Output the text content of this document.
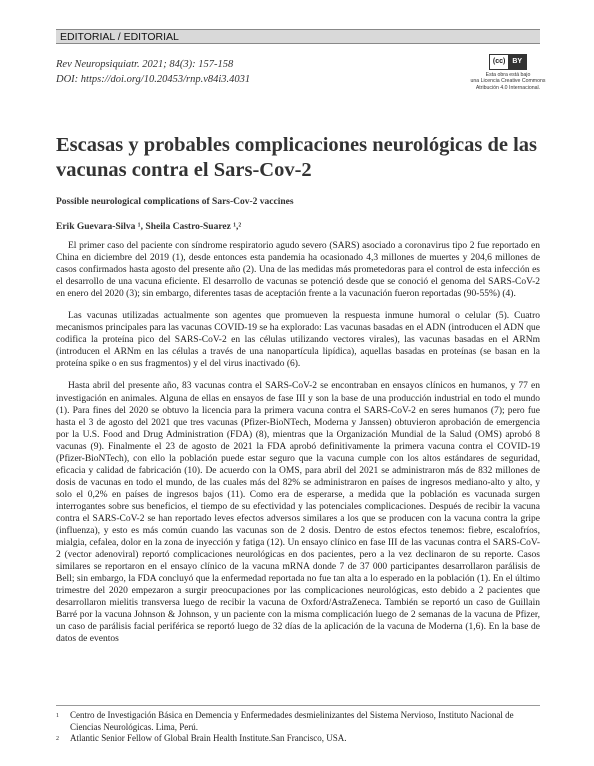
EDITORIAL / EDITORIAL
Rev Neuropsiquiatr. 2021; 84(3): 157-158
DOI: https://doi.org/10.20453/rnp.v84i3.4031
(cc)	BY
Esta obra está bajo
una Licencia Creative Commons
Atribución 4.0 Internacional.
Escasas y probables complicaciones neurológicas de las vacunas contra el Sars-Cov-2
Possible neurological complications of Sars-Cov-2 vaccines
Erik Guevara-Silva ¹, Sheila Castro-Suarez ¹,²

El primer caso del paciente con síndrome respiratorio agudo severo (SARS) asociado a coronavirus tipo 2 fue reportado en China en diciembre del 2019 (1), desde entonces esta pandemia ha ocasionado 4,3 millones de muertes y 204,6 millones de casos confirmados hasta agosto del presente año (2). Una de las medidas más prometedoras para el control de esta infección es el desarrollo de una vacuna eficiente. El desarrollo de vacunas se potenció desde que se conoció el genoma del SARS-CoV-2 en enero del 2020 (3); sin embargo, diferentes tasas de aceptación frente a la vacunación fueron reportadas (90-55%) (4).

Las vacunas utilizadas actualmente son agentes que promueven la respuesta inmune humoral o celular (5). Cuatro mecanismos principales para las vacunas COVID-19 se ha explorado: Las vacunas basadas en el ADN (introducen el ADN que codifica la proteína pico del SARS-CoV-2 en las células utilizando vectores virales), las vacunas basadas en el ARNm (introducen el ARNm en las células a través de una nanopartícula lipídica), aquellas basadas en proteínas (se basan en la proteína spike o en sus fragmentos) y el del virus inactivado (6).

Hasta abril del presente año, 83 vacunas contra el SARS-CoV-2 se encontraban en ensayos clínicos en humanos, y 77 en investigación en animales. Alguna de ellas en ensayos de fase III y son la base de una producción industrial en todo el mundo (1). Para fines del 2020 se obtuvo la licencia para la primera vacuna contra el SARS-CoV-2 en seres humanos (7); pero fue hasta el 3 de agosto del 2021 que tres vacunas (Pfizer-BioNTech, Moderna y Janssen) obtuvieron aprobación de emergencia por la U.S. Food and Drug Administration (FDA) (8), mientras que la Organización Mundial de la Salud (OMS) aprobó 8 vacunas (9). Finalmente el 23 de agosto de 2021 la FDA aprobó definitivamente la primera vacuna contra el COVID-19 (Pfizer-BioNTech), con ello la población puede estar seguro que la vacuna cumple con los altos estándares de seguridad, eficacia y calidad de fabricación (10). De acuerdo con la OMS, para abril del 2021 se administraron más de 832 millones de dosis de vacunas en todo el mundo, de las cuales más del 82% se administraron en países de ingresos mediano-alto y alto, y solo el 0,2% en países de ingresos bajos (11). Como era de esperarse, a medida que la población es vacunada surgen interrogantes sobre sus beneficios, el tiempo de su efectividad y las potenciales complicaciones. Después de recibir la vacuna contra el SARS-CoV-2 se han reportado leves efectos adversos similares a los que se producen con la vacuna contra la gripe (influenza), y esto es más común cuando las vacunas son de 2 dosis. Dentro de estos efectos tenemos: fiebre, escalofríos, mialgia, cefalea, dolor en la zona de inyección y fatiga (12). Un ensayo clínico en fase III de las vacunas contra el SARS-CoV-2 (vector adenoviral) reportó complicaciones neurológicas en dos pacientes, pero a la vez declinaron de su reporte. Casos similares se reportaron en el ensayo clínico de la vacuna mRNA donde 7 de 37 000 participantes desarrollaron parálisis de Bell; sin embargo, la FDA concluyó que la enfermedad reportada no fue tan alta a lo esperado en la población (1). En el último trimestre del 2020 empezaron a surgir preocupaciones por las complicaciones neurológicas, esto debido a 2 pacientes que desarrollaron mielitis transversa luego de recibir la vacuna de Oxford/AstraZeneca. También se reportó un caso de Guillain Barré por la vacuna Johnson & Johnson, y un paciente con la misma complicación luego de 2 semanas de la vacuna de Pfizer, un caso de parálisis facial periférica se reportó luego de 32 días de la aplicación de la vacuna de Moderna (1,6). En la base de datos de eventos

1	Centro de Investigación Básica en Demencia y Enfermedades desmielinizantes del Sistema Nervioso, Instituto Nacional de Ciencias Neurológicas. Lima, Perú.
2	Atlantic Senior Fellow of Global Brain Health Institute.San Francisco, USA.
